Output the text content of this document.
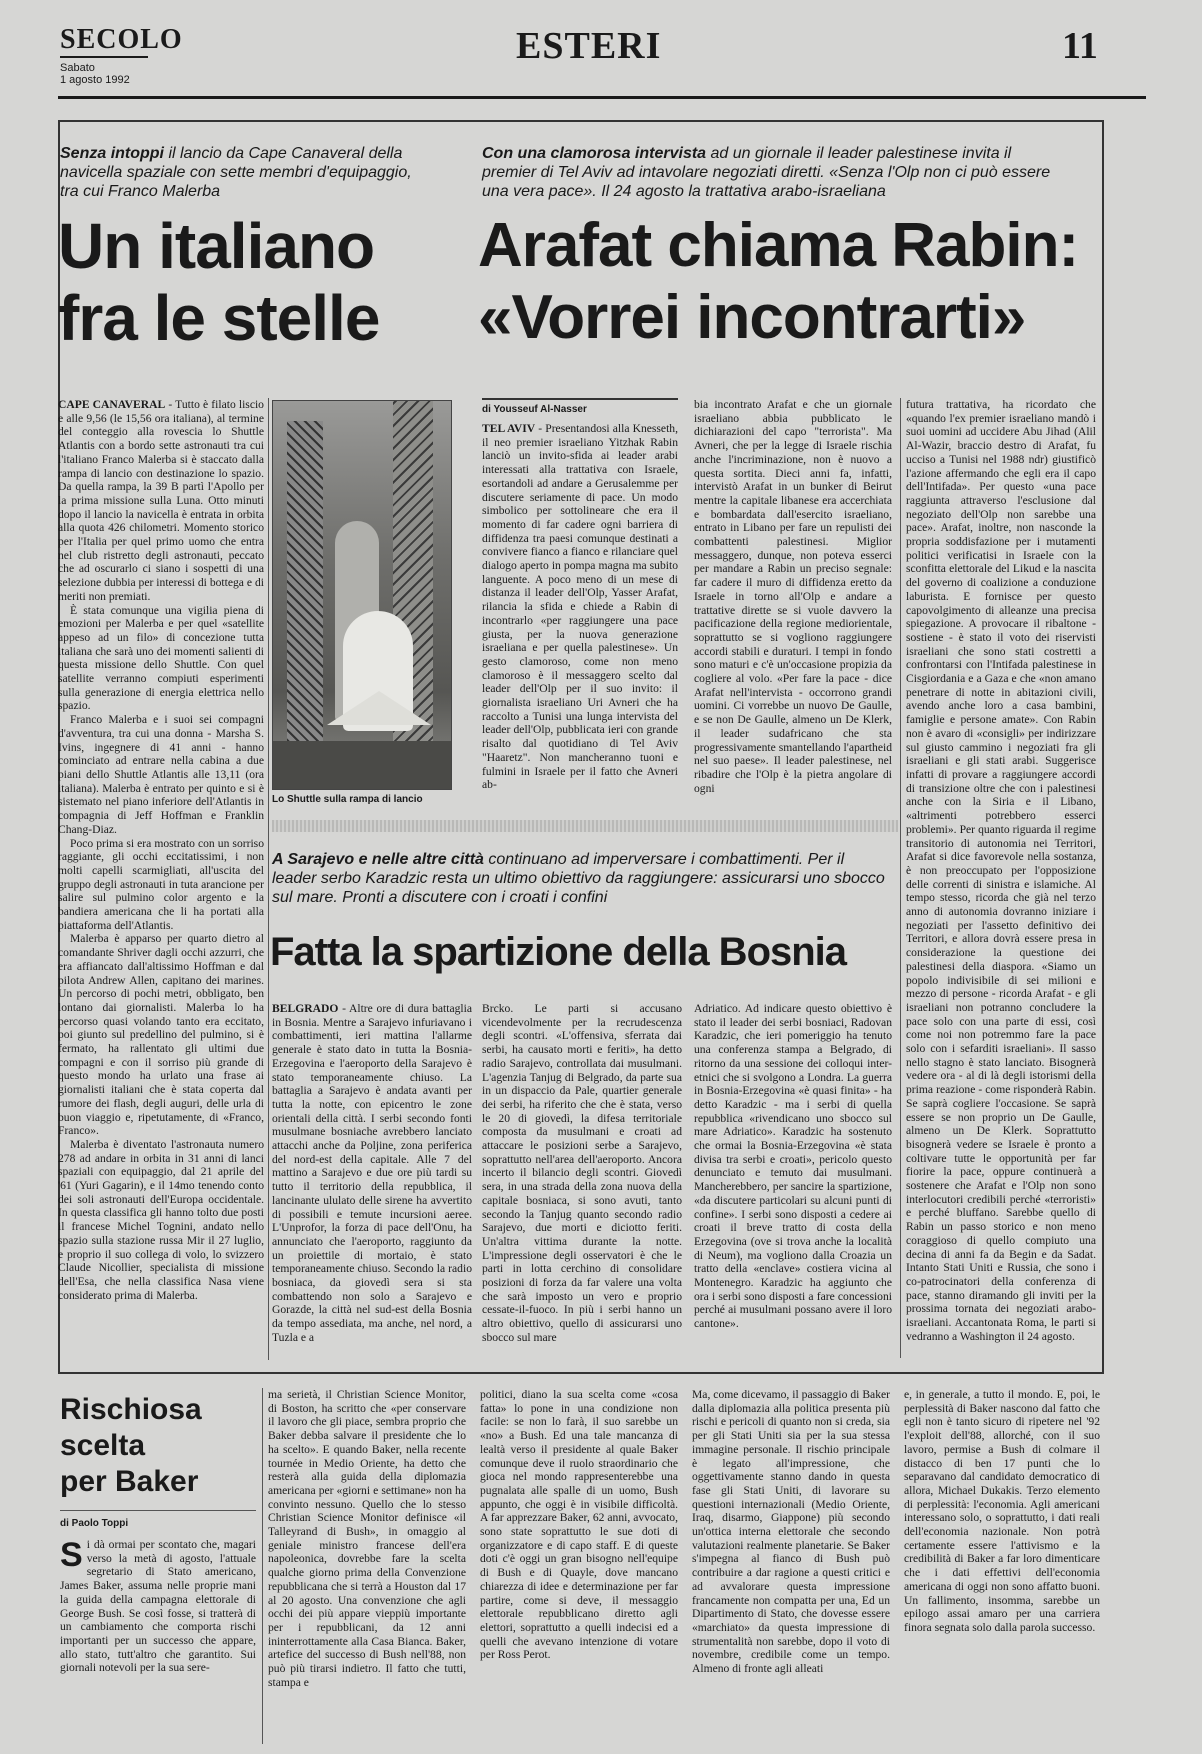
SECOLO
Sabato
1 agosto 1992
ESTERI	11
Senza intoppi il lancio da Cape Canaveral della navicella spaziale con sette membri d'equipaggio, tra cui Franco Malerba
Un italiano
fra le stelle

CAPE CANAVERAL - Tutto è filato liscio e alle 9,56 (le 15,56 ora italiana), al termine del conteggio alla rovescia lo Shuttle Atlantis con a bordo sette astronauti tra cui l'italiano Franco Malerba si è staccato dalla rampa di lancio con destinazione lo spazio. Da quella rampa, la 39 B partì l'Apollo per la prima missione sulla Luna. Otto minuti dopo il lancio la navicella è entrata in orbita alla quota 426 chilometri. Momento storico per l'Italia per quel primo uomo che entra nel club ristretto degli astronauti, peccato che ad oscurarlo ci siano i sospetti di una selezione dubbia per interessi di bottega e di meriti non premiati.

È stata comunque una vigilia piena di emozioni per Malerba e per quel «satellite appeso ad un filo» di concezione tutta italiana che sarà uno dei momenti salienti di questa missione dello Shuttle. Con quel satellite verranno compiuti esperimenti sulla generazione di energia elettrica nello spazio.

Franco Malerba e i suoi sei compagni d'avventura, tra cui una donna - Marsha S. Ivins, ingegnere di 41 anni - hanno cominciato ad entrare nella cabina a due piani dello Shuttle Atlantis alle 13,11 (ora italiana). Malerba è entrato per quinto e si è sistemato nel piano inferiore dell'Atlantis in compagnia di Jeff Hoffman e Franklin Chang-Diaz.

Poco prima si era mostrato con un sorriso raggiante, gli occhi eccitatissimi, i non molti capelli scarmigliati, all'uscita del gruppo degli astronauti in tuta arancione per salire sul pulmino color argento e la bandiera americana che li ha portati alla piattaforma dell'Atlantis.

Malerba è apparso per quarto dietro al comandante Shriver dagli occhi azzurri, che era affiancato dall'altissimo Hoffman e dal pilota Andrew Allen, capitano dei marines. Un percorso di pochi metri, obbligato, ben lontano dai giornalisti. Malerba lo ha percorso quasi volando tanto era eccitato, poi giunto sul predellino del pulmino, si è fermato, ha rallentato gli ultimi due compagni e con il sorriso più grande di questo mondo ha urlato una frase ai giornalisti italiani che è stata coperta dal rumore dei flash, degli auguri, delle urla di buon viaggio e, ripetutamente, di «Franco, Franco».

Malerba è diventato l'astronauta numero 278 ad andare in orbita in 31 anni di lanci spaziali con equipaggio, dal 21 aprile del '61 (Yuri Gagarin), e il 14mo tenendo conto dei soli astronauti dell'Europa occidentale. In questa classifica gli hanno tolto due posti il francese Michel Tognini, andato nello spazio sulla stazione russa Mir il 27 luglio, e proprio il suo collega di volo, lo svizzero Claude Nicollier, specialista di missione dell'Esa, che nella classifica Nasa viene considerato prima di Malerba.

Lo Shuttle sulla rampa di lancio
Con una clamorosa intervista ad un giornale il leader palestinese invita il premier di Tel Aviv ad intavolare negoziati diretti. «Senza l'Olp non ci può essere una vera pace». Il 24 agosto la trattativa arabo-israeliana
Arafat chiama Rabin:
«Vorrei incontrarti»
di Yousseuf Al-Nasser

TEL AVIV - Presentandosi alla Knesseth, il neo premier israeliano Yitzhak Rabin lanciò un invito-sfida ai leader arabi interessati alla trattativa con Israele, esortandoli ad andare a Gerusalemme per discutere seriamente di pace. Un modo simbolico per sottolineare che era il momento di far cadere ogni barriera di diffidenza tra paesi comunque destinati a convivere fianco a fianco e rilanciare quel dialogo aperto in pompa magna ma subito languente. A poco meno di un mese di distanza il leader dell'Olp, Yasser Arafat, rilancia la sfida e chiede a Rabin di incontrarlo «per raggiungere una pace giusta, per la nuova generazione israeliana e per quella palestinese». Un gesto clamoroso, come non meno clamoroso è il messaggero scelto dal leader dell'Olp per il suo invito: il giornalista israeliano Uri Avneri che ha raccolto a Tunisi una lunga intervista del leader dell'Olp, pubblicata ieri con grande risalto dal quotidiano di Tel Aviv "Haaretz". Non mancheranno tuoni e fulmini in Israele per il fatto che Avneri ab-

bia incontrato Arafat e che un giornale israeliano abbia pubblicato le dichiarazioni del capo "terrorista". Ma Avneri, che per la legge di Israele rischia anche l'incriminazione, non è nuovo a questa sortita. Dieci anni fa, infatti, intervistò Arafat in un bunker di Beirut mentre la capitale libanese era accerchiata e bombardata dall'esercito israeliano, entrato in Libano per fare un repulisti dei combattenti palestinesi. Miglior messaggero, dunque, non poteva esserci per mandare a Rabin un preciso segnale: far cadere il muro di diffidenza eretto da Israele in torno all'Olp e andare a trattative dirette se si vuole davvero la pacificazione della regione mediorientale, soprattutto se si vogliono raggiungere accordi stabili e duraturi. I tempi in fondo sono maturi e c'è un'occasione propizia da cogliere al volo. «Per fare la pace - dice Arafat nell'intervista - occorrono grandi uomini. Ci vorrebbe un nuovo De Gaulle, e se non De Gaulle, almeno un De Klerk, il leader sudafricano che sta progressivamente smantellando l'apartheid nel suo paese». Il leader palestinese, nel ribadire che l'Olp è la pietra angolare di ogni

futura trattativa, ha ricordato che «quando l'ex premier israeliano mandò i suoi uomini ad uccidere Abu Jihad (Alil Al-Wazir, braccio destro di Arafat, fu ucciso a Tunisi nel 1988 ndr) giustificò l'azione affermando che egli era il capo dell'Intifada». Per questo «una pace raggiunta attraverso l'esclusione dal negoziato dell'Olp non sarebbe una pace». Arafat, inoltre, non nasconde la propria soddisfazione per i mutamenti politici verificatisi in Israele con la sconfitta elettorale del Likud e la nascita del governo di coalizione a conduzione laburista. E fornisce per questo capovolgimento di alleanze una precisa spiegazione. A provocare il ribaltone - sostiene - è stato il voto dei riservisti israeliani che sono stati costretti a confrontarsi con l'Intifada palestinese in Cisgiordania e a Gaza e che «non amano penetrare di notte in abitazioni civili, avendo anche loro a casa bambini, famiglie e persone amate». Con Rabin non è avaro di «consigli» per indirizzare sul giusto cammino i negoziati fra gli israeliani e gli stati arabi. Suggerisce infatti di provare a raggiungere accordi di transizione oltre che con i palestinesi anche con la Siria e il Libano, «altrimenti potrebbero esserci problemi». Per quanto riguarda il regime transitorio di autonomia nei Territori, Arafat si dice favorevole nella sostanza, è non preoccupato per l'opposizione delle correnti di sinistra e islamiche. Al tempo stesso, ricorda che già nel terzo anno di autonomia dovranno iniziare i negoziati per l'assetto definitivo dei Territori, e allora dovrà essere presa in considerazione la questione dei palestinesi della diaspora. «Siamo un popolo indivisibile di sei milioni e mezzo di persone - ricorda Arafat - e gli israeliani non potranno concludere la pace solo con una parte di essi, così come noi non potremmo fare la pace solo con i sefarditi israeliani». Il sasso nello stagno è stato lanciato. Bisognerà vedere ora - al di là degli istorismi della prima reazione - come risponderà Rabin. Se saprà cogliere l'occasione. Se saprà essere se non proprio un De Gaulle, almeno un De Klerk. Soprattutto bisognerà vedere se Israele è pronto a coltivare tutte le opportunità per far fiorire la pace, oppure continuerà a sostenere che Arafat e l'Olp non sono interlocutori credibili perché «terroristi» e perché bluffano. Sarebbe quello di Rabin un passo storico e non meno coraggioso di quello compiuto una decina di anni fa da Begin e da Sadat. Intanto Stati Uniti e Russia, che sono i co-patrocinatori della conferenza di pace, stanno diramando gli inviti per la prossima tornata dei negoziati arabo-israeliani. Accantonata Roma, le parti si vedranno a Washington il 24 agosto.

A Sarajevo e nelle altre città continuano ad imperversare i combattimenti. Per il leader serbo Karadzic resta un ultimo obiettivo da raggiungere: assicurarsi uno sbocco sul mare. Pronti a discutere con i croati i confini
Fatta la spartizione della Bosnia

BELGRADO - Altre ore di dura battaglia in Bosnia. Mentre a Sarajevo infuriavano i combattimenti, ieri mattina l'allarme generale è stato dato in tutta la Bosnia-Erzegovina e l'aeroporto della Sarajevo è stato temporaneamente chiuso. La battaglia a Sarajevo è andata avanti per tutta la notte, con epicentro le zone orientali della città. I serbi secondo fonti musulmane bosniache avrebbero lanciato attacchi anche da Poljine, zona periferica del nord-est della capitale. Alle 7 del mattino a Sarajevo e due ore più tardi su tutto il territorio della repubblica, il lancinante ululato delle sirene ha avvertito di possibili e temute incursioni aeree. L'Unprofor, la forza di pace dell'Onu, ha annunciato che l'aeroporto, raggiunto da un proiettile di mortaio, è stato temporaneamente chiuso. Secondo la radio bosniaca, da giovedì sera si sta combattendo non solo a Sarajevo e Gorazde, la città nel sud-est della Bosnia da tempo assediata, ma anche, nel nord, a Tuzla e a

Brcko. Le parti si accusano vicendevolmente per la recrudescenza degli scontri. «L'offensiva, sferrata dai serbi, ha causato morti e feriti», ha detto radio Sarajevo, controllata dai musulmani. L'agenzia Tanjug di Belgrado, da parte sua in un dispaccio da Pale, quartier generale dei serbi, ha riferito che che è stata, verso le 20 di giovedì, la difesa territoriale composta da musulmani e croati ad attaccare le posizioni serbe a Sarajevo, soprattutto nell'area dell'aeroporto. Ancora incerto il bilancio degli scontri. Giovedì sera, in una strada della zona nuova della capitale bosniaca, si sono avuti, tanto secondo la Tanjug quanto secondo radio Sarajevo, due morti e diciotto feriti. Un'altra vittima durante la notte. L'impressione degli osservatori è che le parti in lotta cerchino di consolidare posizioni di forza da far valere una volta che sarà imposto un vero e proprio cessate-il-fuoco. In più i serbi hanno un altro obiettivo, quello di assicurarsi uno sbocco sul mare

Adriatico. Ad indicare questo obiettivo è stato il leader dei serbi bosniaci, Radovan Karadzic, che ieri pomeriggio ha tenuto una conferenza stampa a Belgrado, di ritorno da una sessione dei colloqui inter-etnici che si svolgono a Londra. La guerra in Bosnia-Erzegovina «è quasi finita» - ha detto Karadzic - ma i serbi di quella repubblica «rivendicano uno sbocco sul mare Adriatico». Karadzic ha sostenuto che ormai la Bosnia-Erzegovina «è stata divisa tra serbi e croati», pericolo questo denunciato e temuto dai musulmani. Mancherebbero, per sancire la spartizione, «da discutere particolari su alcuni punti di confine». I serbi sono disposti a cedere ai croati il breve tratto di costa della Erzegovina (ove si trova anche la località di Neum), ma vogliono dalla Croazia un tratto della «enclave» costiera vicina al Montenegro. Karadzic ha aggiunto che ora i serbi sono disposti a fare concessioni perché ai musulmani possano avere il loro cantone».

Rischiosa
scelta
per Baker
di Paolo Toppi
Si dà ormai per scontato che, magari verso la metà di agosto, l'attuale segretario di Stato americano, James Baker, assuma nelle proprie mani la guida della campagna elettorale di George Bush. Se così fosse, si tratterà di un cambiamento che comporta rischi importanti per un successo che appare, allo stato, tutt'altro che garantito. Sui giornali notevoli per la sua sere-

ma serietà, il Christian Science Monitor, di Boston, ha scritto che «per conservare il lavoro che gli piace, sembra proprio che Baker debba salvare il presidente che lo ha scelto». E quando Baker, nella recente tournée in Medio Oriente, ha detto che resterà alla guida della diplomazia americana per «giorni e settimane» non ha convinto nessuno. Quello che lo stesso Christian Science Monitor definisce «il Talleyrand di Bush», in omaggio al geniale ministro francese dell'era napoleonica, dovrebbe fare la scelta qualche giorno prima della Convenzione repubblicana che si terrà a Houston dal 17 al 20 agosto. Una convenzione che agli occhi dei più appare vieppiù importante per i repubblicani, da 12 anni ininterrottamente alla Casa Bianca. Baker, artefice del successo di Bush nell'88, non può più tirarsi indietro. Il fatto che tutti, stampa e

politici, diano la sua scelta come «cosa fatta» lo pone in una condizione non facile: se non lo farà, il suo sarebbe un «no» a Bush. Ed una tale mancanza di lealtà verso il presidente al quale Baker comunque deve il ruolo straordinario che gioca nel mondo rappresenterebbe una pugnalata alle spalle di un uomo, Bush appunto, che oggi è in visibile difficoltà. A far apprezzare Baker, 62 anni, avvocato, sono state soprattutto le sue doti di organizzatore e di capo staff. E di queste doti c'è oggi un gran bisogno nell'equipe di Bush e di Quayle, dove mancano chiarezza di idee e determinazione per far partire, come si deve, il messaggio elettorale repubblicano diretto agli elettori, soprattutto a quelli indecisi ed a quelli che avevano intenzione di votare per Ross Perot.

Ma, come dicevamo, il passaggio di Baker dalla diplomazia alla politica presenta più rischi e pericoli di quanto non si creda, sia per gli Stati Uniti sia per la sua stessa immagine personale. Il rischio principale è legato all'impressione, che oggettivamente stanno dando in questa fase gli Stati Uniti, di lavorare su questioni internazionali (Medio Oriente, Iraq, disarmo, Giappone) più secondo un'ottica interna elettorale che secondo valutazioni realmente planetarie. Se Baker s'impegna al fianco di Bush può contribuire a dar ragione a questi critici e ad avvalorare questa impressione francamente non compatta per una, Ed un Dipartimento di Stato, che dovesse essere «marchiato» da questa impressione di strumentalità non sarebbe, dopo il voto di novembre, credibile come un tempo. Almeno di fronte agli alleati

e, in generale, a tutto il mondo. E, poi, le perplessità di Baker nascono dal fatto che egli non è tanto sicuro di ripetere nel '92 l'exploit dell'88, allorché, con il suo lavoro, permise a Bush di colmare il distacco di ben 17 punti che lo separavano dal candidato democratico di allora, Michael Dukakis. Terzo elemento di perplessità: l'economia. Agli americani interessano solo, o soprattutto, i dati reali dell'economia nazionale. Non potrà certamente essere l'attivismo e la credibilità di Baker a far loro dimenticare che i dati effettivi dell'economia americana di oggi non sono affatto buoni. Un fallimento, insomma, sarebbe un epilogo assai amaro per una carriera finora segnata solo dalla parola successo.
